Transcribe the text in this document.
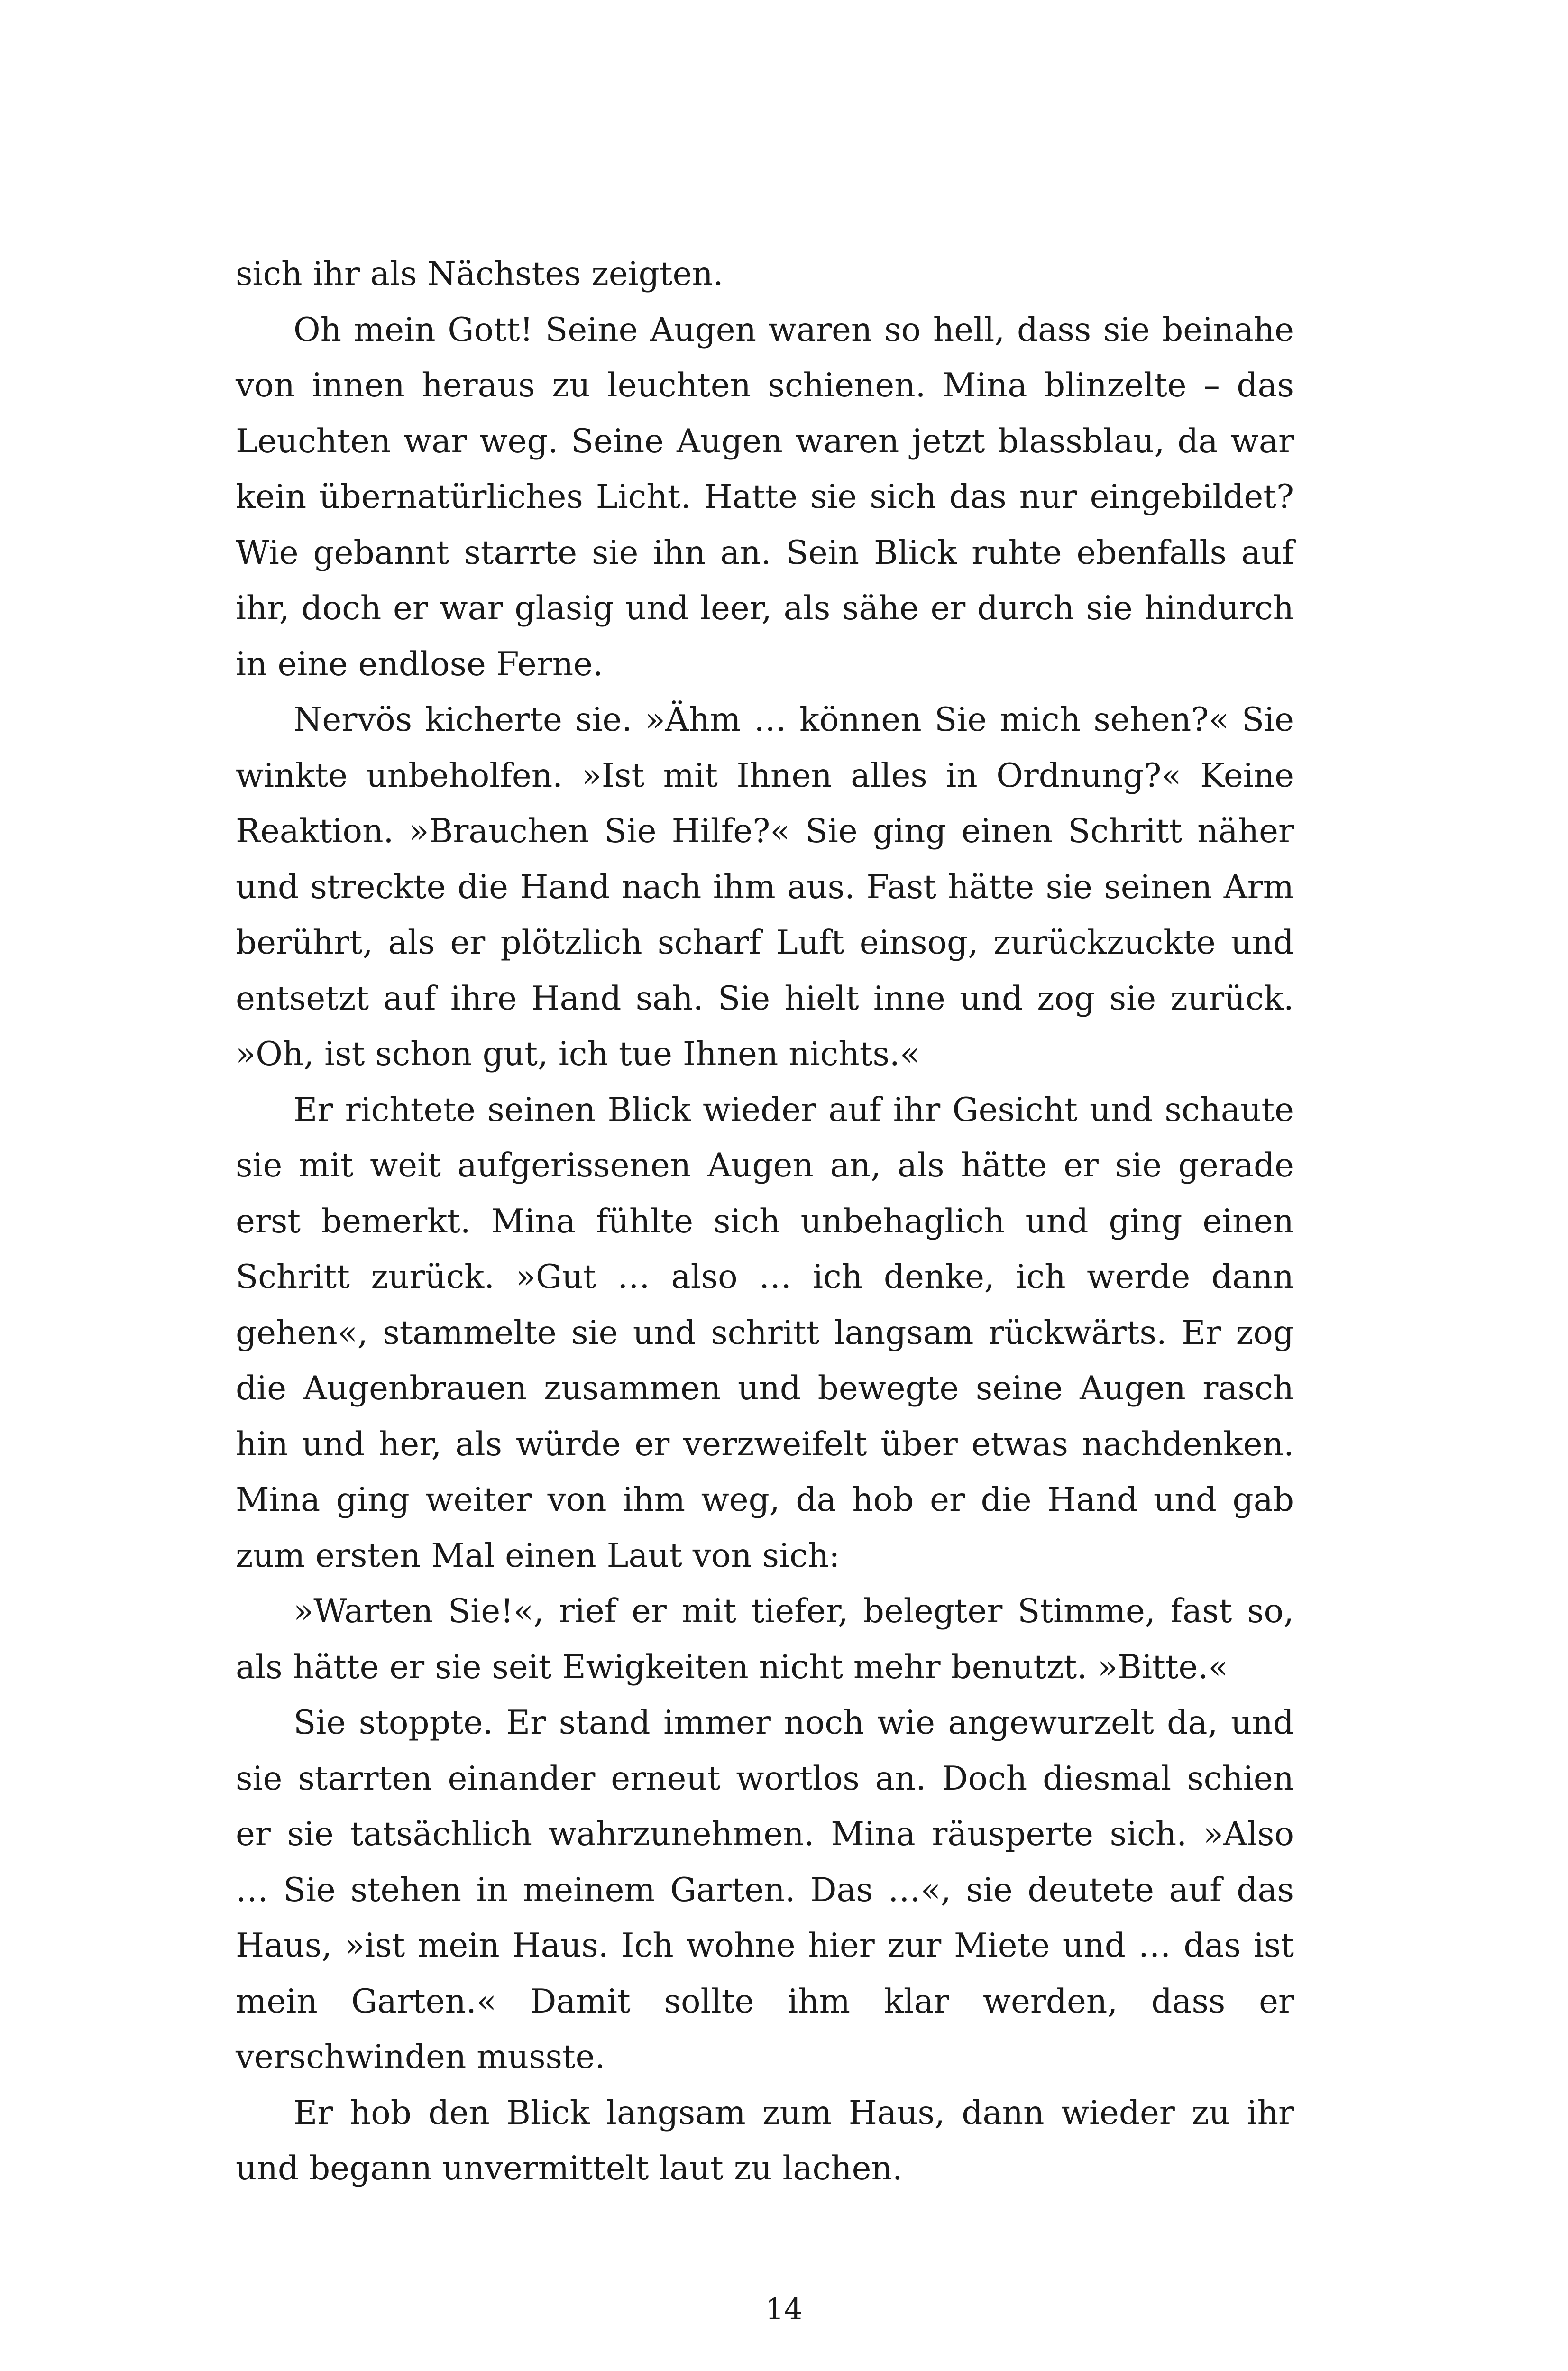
sich ihr als Nächstes zeigten.

Oh mein Gott! Seine Augen waren so hell, dass sie beinahe von innen heraus zu leuchten schienen. Mina blinzelte – das Leuchten war weg. Seine Augen waren jetzt blassblau, da war kein übernatürliches Licht. Hatte sie sich das nur eingebildet? Wie gebannt starrte sie ihn an. Sein Blick ruhte ebenfalls auf ihr, doch er war glasig und leer, als sähe er durch sie hindurch in eine endlose Ferne.

Nervös kicherte sie. »Ähm … können Sie mich sehen?« Sie winkte unbeholfen. »Ist mit Ihnen alles in Ordnung?« Keine Reaktion. »Brauchen Sie Hilfe?« Sie ging einen Schritt näher und streckte die Hand nach ihm aus. Fast hätte sie seinen Arm berührt, als er plötzlich scharf Luft einsog, zurückzuckte und entsetzt auf ihre Hand sah. Sie hielt inne und zog sie zurück. »Oh, ist schon gut, ich tue Ihnen nichts.«

Er richtete seinen Blick wieder auf ihr Gesicht und schaute sie mit weit aufgerissenen Augen an, als hätte er sie gerade erst bemerkt. Mina fühlte sich unbehaglich und ging einen Schritt zurück. »Gut … also … ich denke, ich werde dann gehen«, stammelte sie und schritt langsam rückwärts. Er zog die Augenbrauen zusammen und bewegte seine Augen rasch hin und her, als würde er verzweifelt über etwas nachdenken. Mina ging weiter von ihm weg, da hob er die Hand und gab zum ersten Mal einen Laut von sich:

»Warten Sie!«, rief er mit tiefer, belegter Stimme, fast so, als hätte er sie seit Ewigkeiten nicht mehr benutzt. »Bitte.«

Sie stoppte. Er stand immer noch wie angewurzelt da, und sie starrten einander erneut wortlos an. Doch diesmal schien er sie tatsächlich wahrzunehmen. Mina räusperte sich. »Also … Sie stehen in meinem Garten. Das …«, sie deutete auf das Haus, »ist mein Haus. Ich wohne hier zur Miete und … das ist mein Garten.« Damit sollte ihm klar werden, dass er verschwinden musste.

Er hob den Blick langsam zum Haus, dann wieder zu ihr und begann unvermittelt laut zu lachen.

14
